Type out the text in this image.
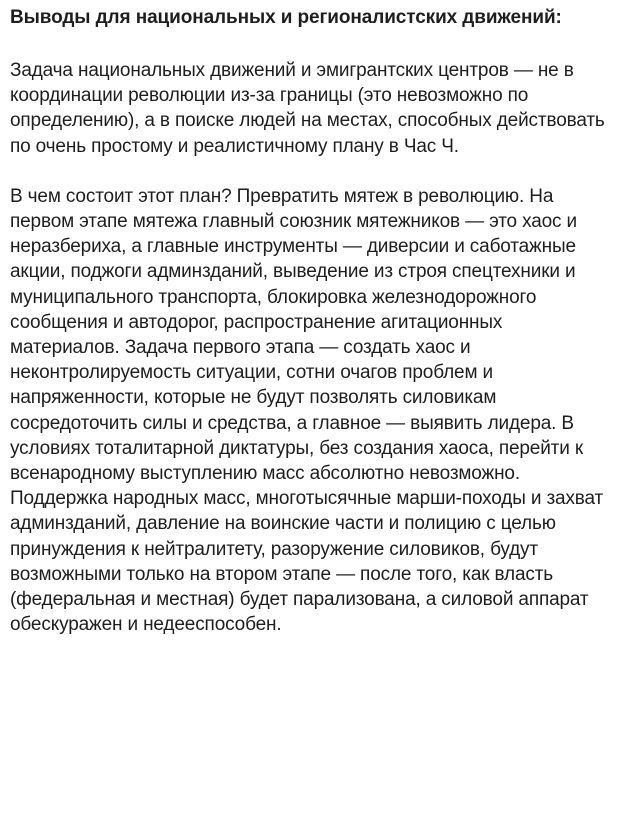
Выводы для национальных и регионалистских движений:

Задача национальных движений и эмигрантских центров — не в координации революции из-за границы (это невозможно по определению), а в поиске людей на местах, способных действовать по очень простому и реалистичному плану в Час Ч.

В чем состоит этот план? Превратить мятеж в революцию. На первом этапе мятежа главный союзник мятежников — это хаос и неразбериха, а главные инструменты — диверсии и саботажные акции, поджоги админзданий, выведение из строя спецтехники и муниципального транспорта, блокировка железнодорожного сообщения и автодорог, распространение агитационных материалов. Задача первого этапа — создать хаос и неконтролируемость ситуации, сотни очагов проблем и напряженности, которые не будут позволять силовикам сосредоточить силы и средства, а главное — выявить лидера. В условиях тоталитарной диктатуры, без создания хаоса, перейти к всенародному выступлению масс абсолютно невозможно. Поддержка народных масс, многотысячные марши-походы и захват админзданий, давление на воинские части и полицию с целью принуждения к нейтралитету, разоружение силовиков, будут возможными только на втором этапе — после того, как власть (федеральная и местная) будет парализована, а силовой аппарат обескуражен и недееспособен.
